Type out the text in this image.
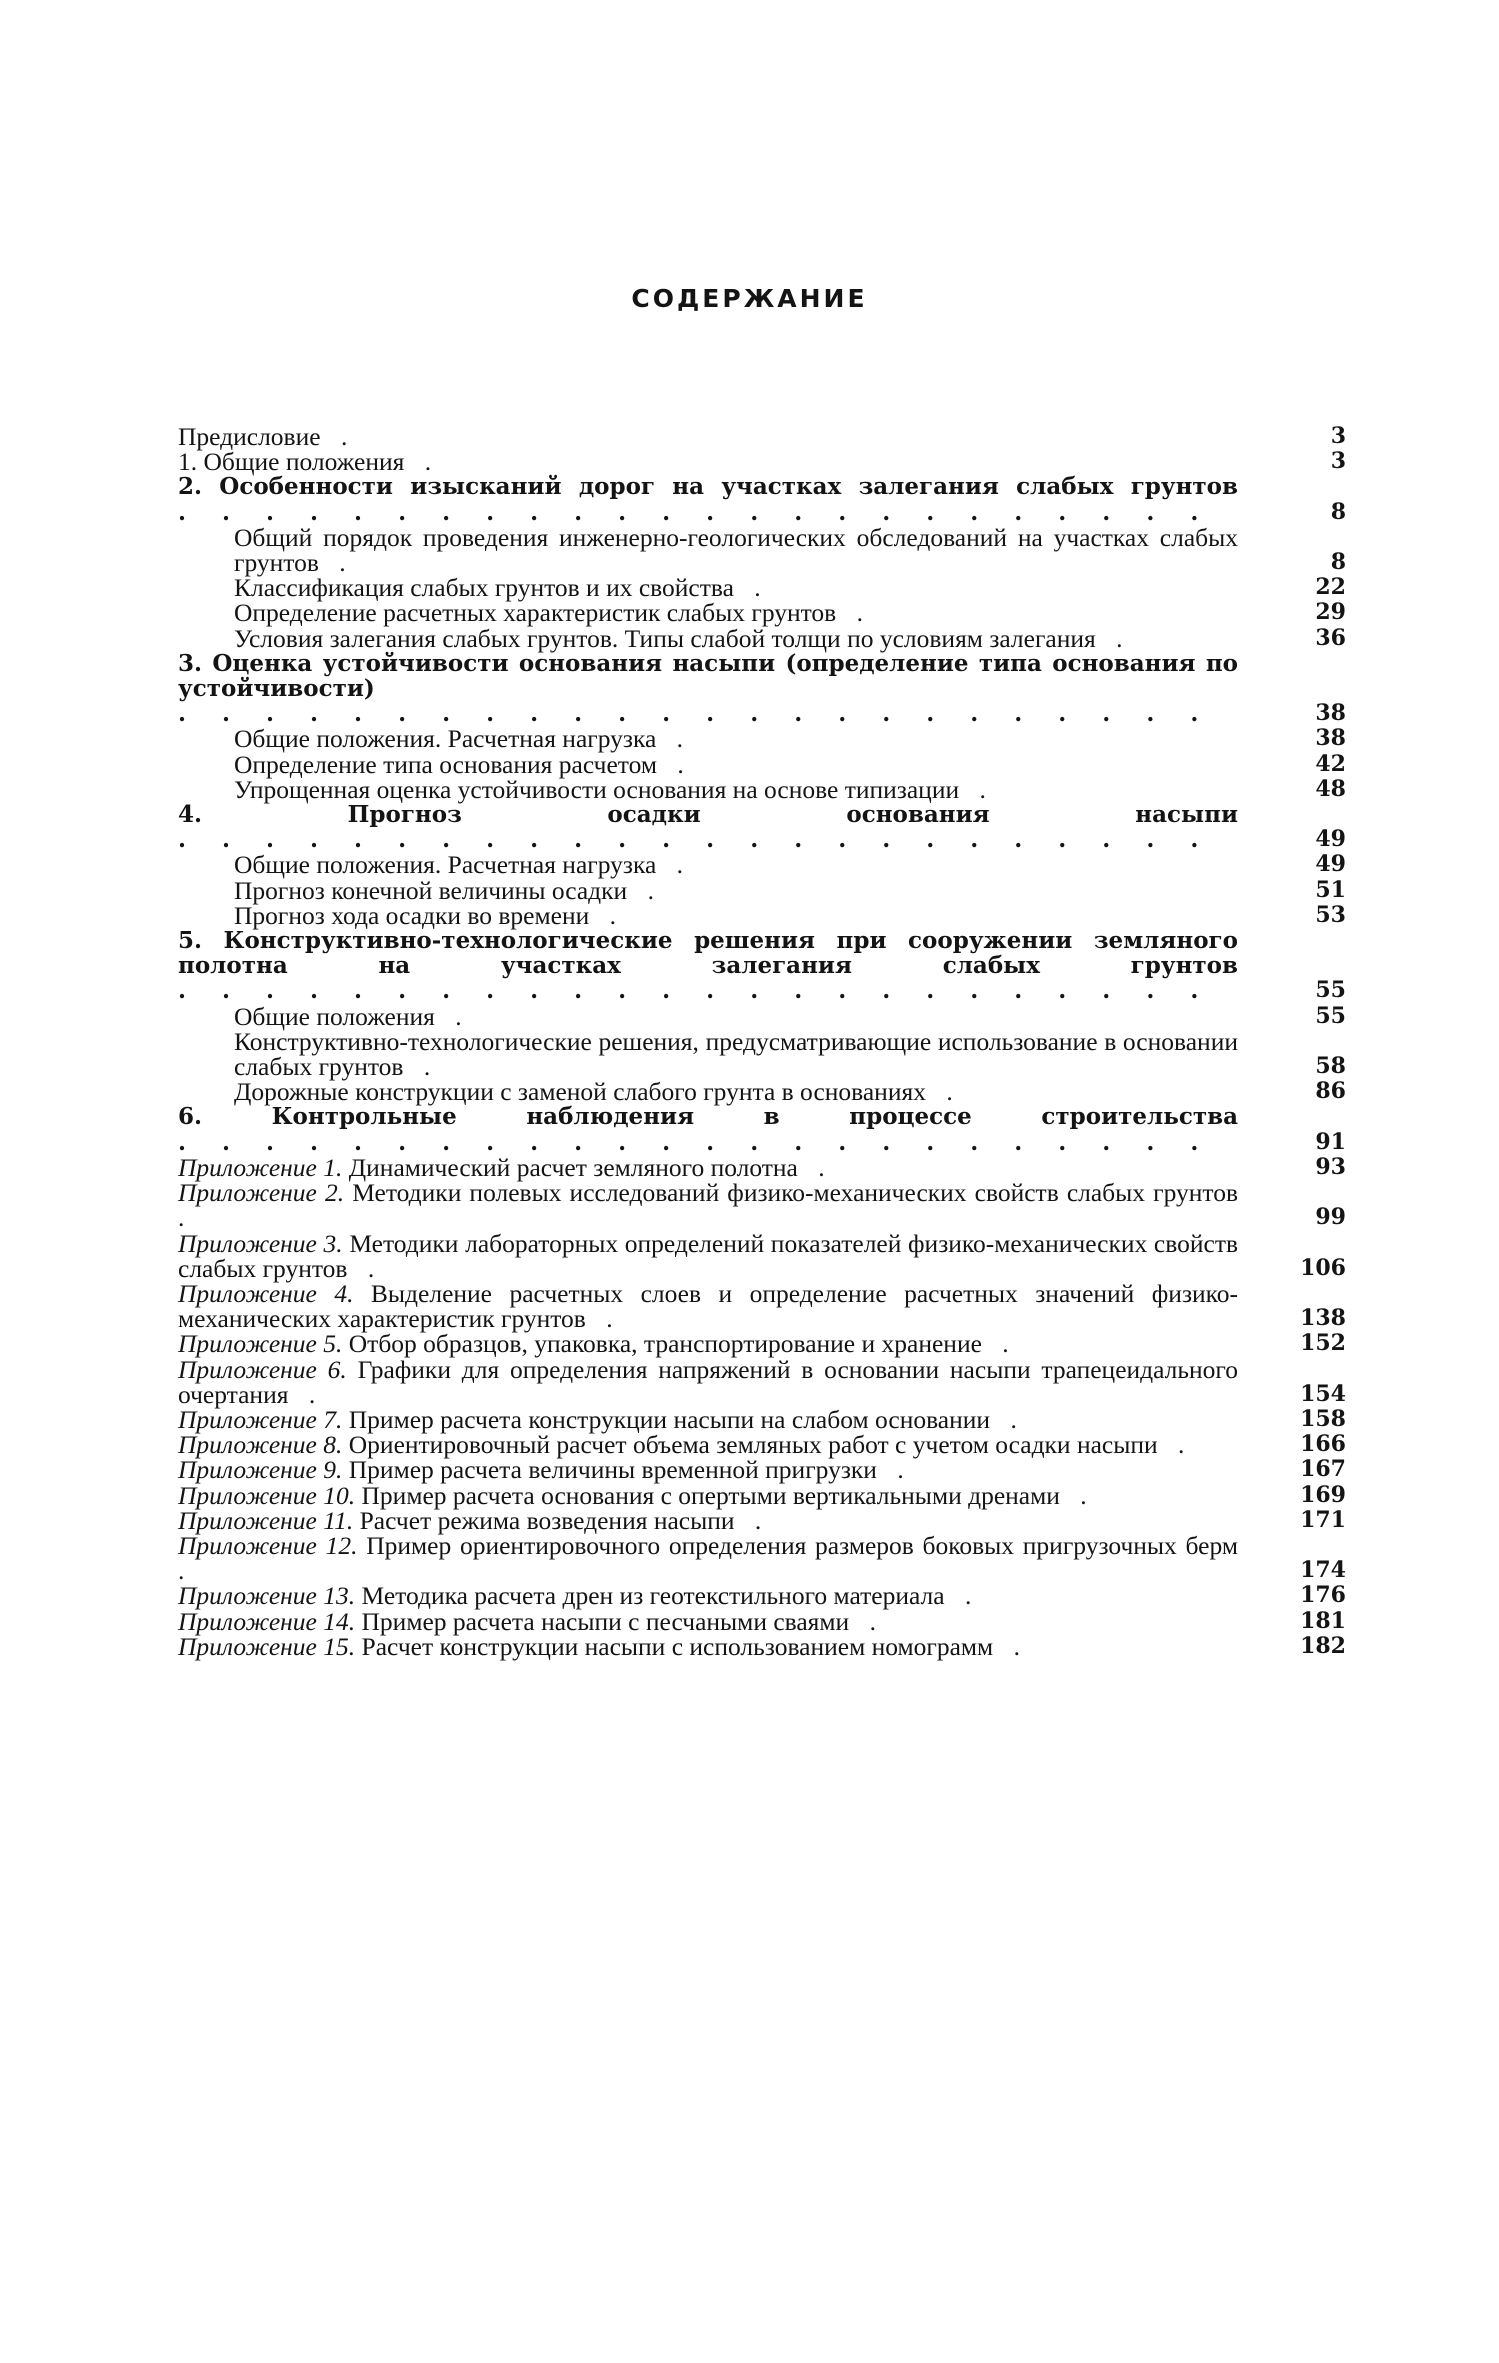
СОДЕРЖАНИЕ
Предисловие .	3
1. Общие положения .	3
2. Особенности изысканий дорог на участках залегания слабых грунтов . . . . . . . . . . . . . . . . . . . . . . . .	8
Общий порядок проведения инженерно-геологических обследований на участках слабых грунтов .	8
Классификация слабых грунтов и их свойства .	22
Определение расчетных характеристик слабых грунтов .	29
Условия залегания слабых грунтов. Типы слабой толщи по условиям залегания .	36
3. Оценка устойчивости основания насыпи (определение типа основания по устойчивости) . . . . . . . . . . . . . . . . . . . . . . . .	38
Общие положения. Расчетная нагрузка .	38
Определение типа основания расчетом .	42
Упрощенная оценка устойчивости основания на основе типизации .	48
4. Прогноз осадки основания насыпи . . . . . . . . . . . . . . . . . . . . . . . .	49
Общие положения. Расчетная нагрузка .	49
Прогноз конечной величины осадки .	51
Прогноз хода осадки во времени .	53
5. Конструктивно-технологические решения при сооружении земляного полотна на участках залегания слабых грунтов . . . . . . . . . . . . . . . . . . . . . . . .	55
Общие положения .	55
Конструктивно-технологические решения, предусматривающие использование в основании слабых грунтов .	58
Дорожные конструкции с заменой слабого грунта в основаниях .	86
6. Контрольные наблюдения в процессе строительства . . . . . . . . . . . . . . . . . . . . . . . .	91
Приложение 1. Динамический расчет земляного полотна .	93
Приложение 2. Методики полевых исследований физико-механических свойств слабых грунтов .	99
Приложение 3. Методики лабораторных определений показателей физико-механических свойств слабых грунтов .	106
Приложение 4. Выделение расчетных слоев и определение расчетных значений физико-механических характеристик грунтов .	138
Приложение 5. Отбор образцов, упаковка, транспортирование и хранение .	152
Приложение 6. Графики для определения напряжений в основании насыпи трапецеидального очертания .	154
Приложение 7. Пример расчета конструкции насыпи на слабом основании .	158
Приложение 8. Ориентировочный расчет объема земляных работ с учетом осадки насыпи .	166
Приложение 9. Пример расчета величины временной пригрузки .	167
Приложение 10. Пример расчета основания с опертыми вертикальными дренами .	169
Приложение 11. Расчет режима возведения насыпи .	171
Приложение 12. Пример ориентировочного определения размеров боковых пригрузочных берм .	174
Приложение 13. Методика расчета дрен из геотекстильного материала .	176
Приложение 14. Пример расчета насыпи с песчаными сваями .	181
Приложение 15. Расчет конструкции насыпи с использованием номограмм .	182
